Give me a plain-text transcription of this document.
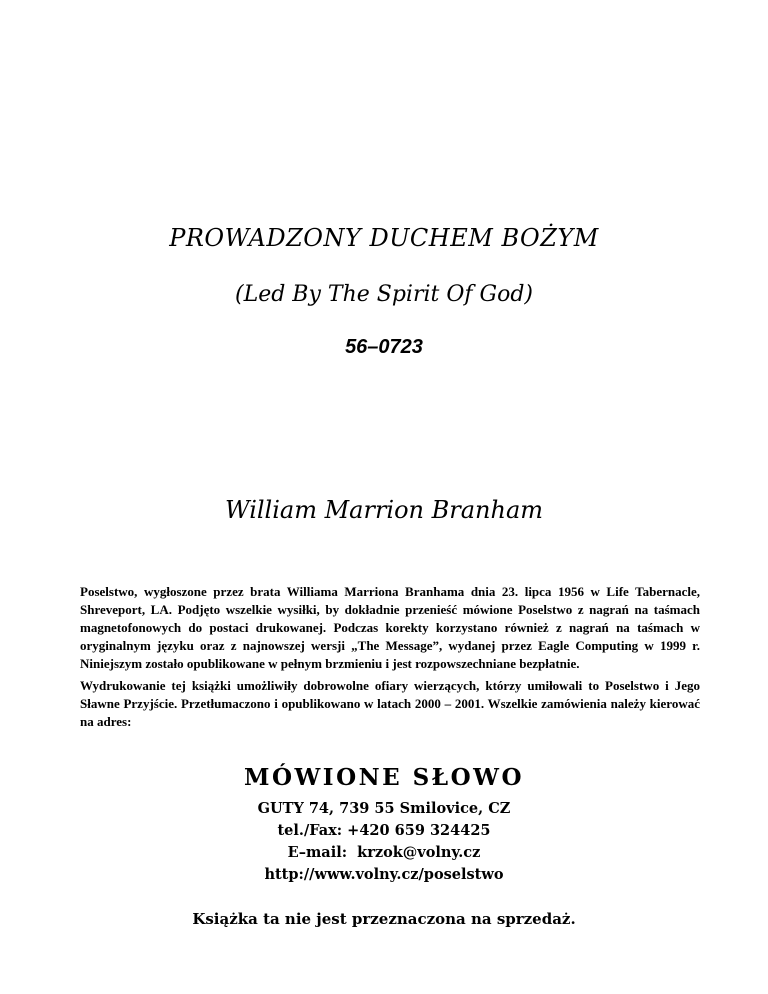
PROWADZONY DUCHEM BOŻYM
(Led By The Spirit Of God)
56–0723
William Marrion Branham

Poselstwo, wygłoszone przez brata Williama Marriona Branhama dnia 23. lipca 1956 w Life Tabernacle, Shreveport, LA. Podjęto wszelkie wysiłki, by dokładnie przenieść mówione Poselstwo z nagrań na taśmach magnetofonowych do postaci drukowanej. Podczas korekty korzystano również z nagrań na taśmach w oryginalnym języku oraz z najnowszej wersji „The Message”, wydanej przez Eagle Computing w 1999 r. Niniejszym zostało opublikowane w pełnym brzmieniu i jest rozpowszechniane bezpłatnie.

Wydrukowanie tej książki umożliwiły dobrowolne ofiary wierzących, którzy umiłowali to Poselstwo i Jego Sławne Przyjście. Przetłumaczono i opublikowano w latach 2000 – 2001. Wszelkie zamówienia należy kierować na adres:

MÓWIONE SŁOWO
GUTY 74, 739 55 Smilovice, CZ
tel./Fax: +420 659 324425
E–mail:  krzok@volny.cz
http://www.volny.cz/poselstwo
Książka ta nie jest przeznaczona na sprzedaż.
